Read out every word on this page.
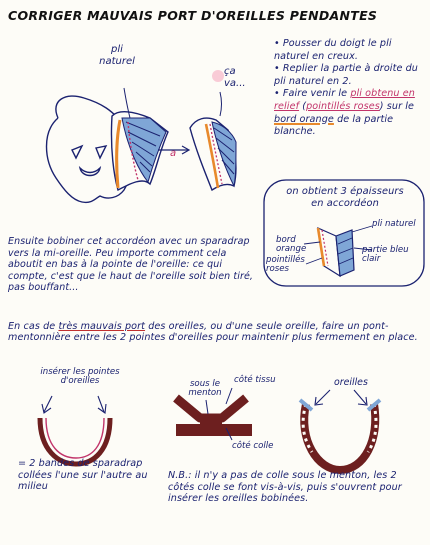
CORRIGER MAUVAIS PORT D'OREILLES PENDANTES
a
pli naturel
ça va...
• Pousser du doigt le pli naturel en creux.
• Replier la partie à droite du pli naturel en 2.
• Faire venir le pli obtenu en relief (pointillés roses) sur le bord orange de la partie blanche.
on obtient 3 épaisseurs en accordéon
pli naturel
bord orange
pointillés roses
partie bleu clair
Ensuite bobiner cet accordéon avec un sparadrap vers la mi-oreille. Peu importe comment cela aboutit en bas à la pointe de l'oreille: ce qui compte, c'est que le haut de l'oreille soit bien tiré, pas bouffant...
En cas de très mauvais port des oreilles, ou d'une seule oreille, faire un pont-mentonnière entre les 2 pointes d'oreilles pour maintenir plus fermement en place.
insérer les pointes d'oreilles	sous le menton
côté tissu
côté colle
oreilles
= 2 bandes de sparadrap collées l'une sur l'autre au milieu
N.B.: il n'y a pas de colle sous le menton, les 2 côtés colle se font vis-à-vis, puis s'ouvrent pour insérer les oreilles bobinées.
